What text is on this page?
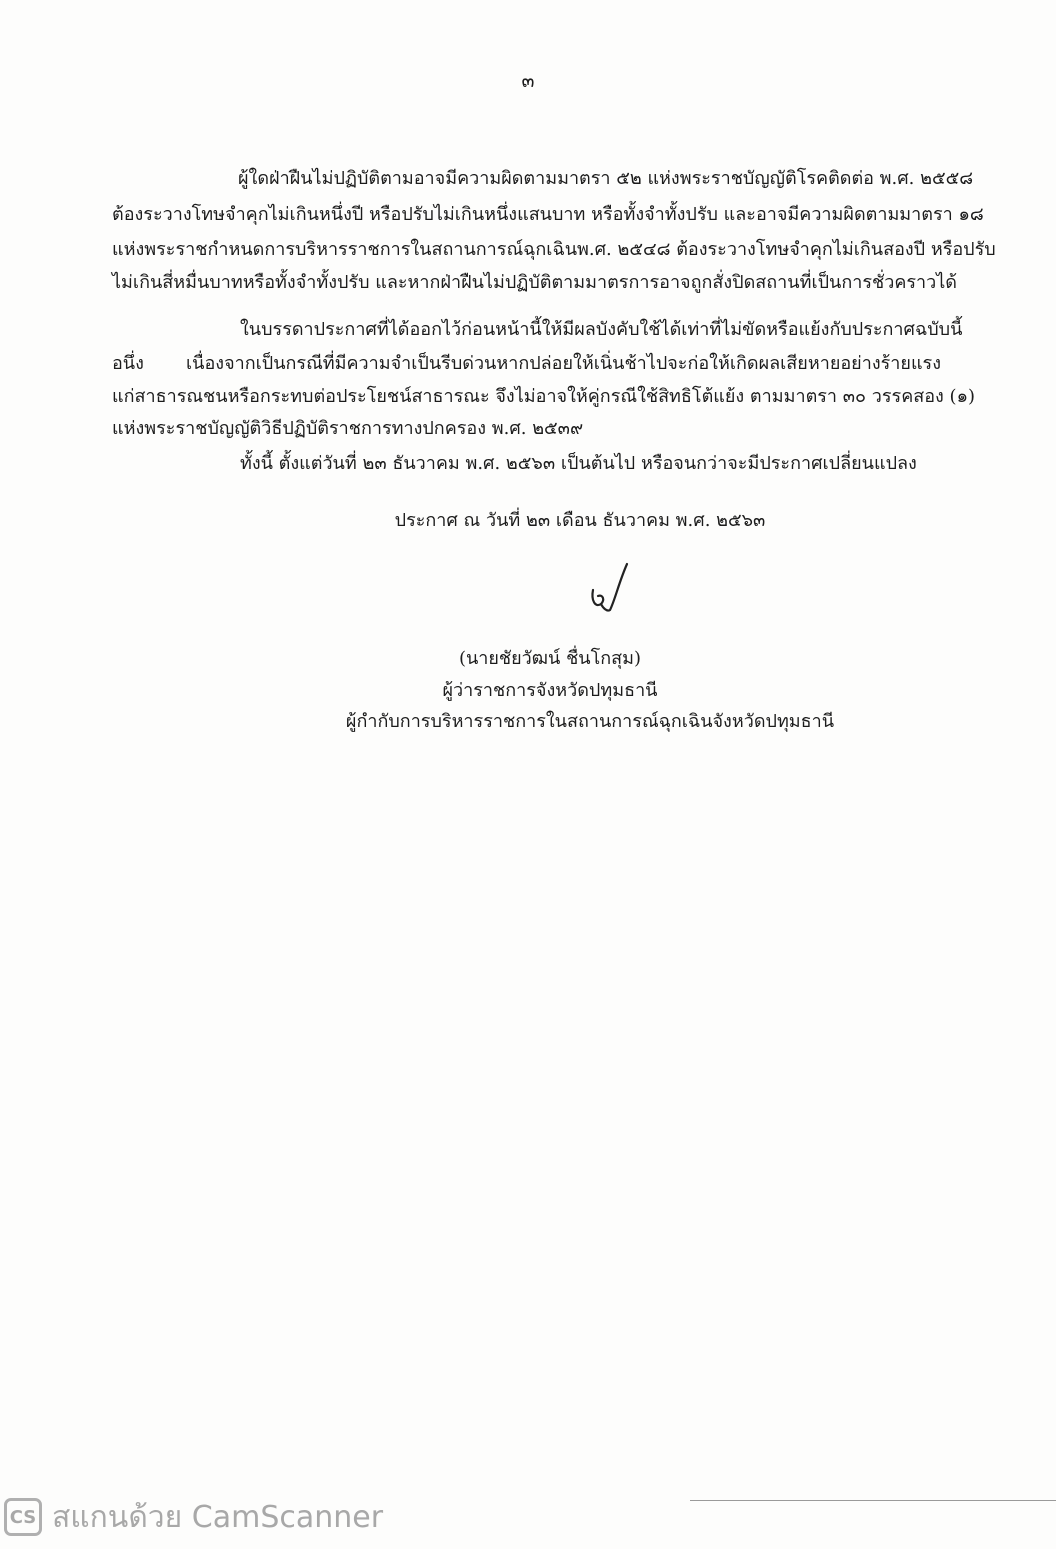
๓
ผู้ใดฝ่าฝืนไม่ปฏิบัติตามอาจมีความผิดตามมาตรา ๕๒ แห่งพระราชบัญญัติโรคติดต่อ พ.ศ. ๒๕๕๘
ต้องระวางโทษจำคุกไม่เกินหนึ่งปี หรือปรับไม่เกินหนึ่งแสนบาท หรือทั้งจำทั้งปรับ และอาจมีความผิดตามมาตรา ๑๘
แห่งพระราชกำหนดการบริหารราชการในสถานการณ์ฉุกเฉินพ.ศ. ๒๕๔๘ ต้องระวางโทษจำคุกไม่เกินสองปี หรือปรับ
ไม่เกินสี่หมื่นบาทหรือทั้งจำทั้งปรับ และหากฝ่าฝืนไม่ปฏิบัติตามมาตรการอาจถูกสั่งปิดสถานที่เป็นการชั่วคราวได้
ในบรรดาประกาศที่ได้ออกไว้ก่อนหน้านี้ให้มีผลบังคับใช้ได้เท่าที่ไม่ขัดหรือแย้งกับประกาศฉบับนี้
อนึ่ง เนื่องจากเป็นกรณีที่มีความจำเป็นรีบด่วนหากปล่อยให้เนิ่นช้าไปจะก่อให้เกิดผลเสียหายอย่างร้ายแรง
แก่สาธารณชนหรือกระทบต่อประโยชน์สาธารณะ จึงไม่อาจให้คู่กรณีใช้สิทธิโต้แย้ง ตามมาตรา ๓๐ วรรคสอง (๑)
แห่งพระราชบัญญัติวิธีปฏิบัติราชการทางปกครอง พ.ศ. ๒๕๓๙
ทั้งนี้ ตั้งแต่วันที่ ๒๓ ธันวาคม พ.ศ. ๒๕๖๓ เป็นต้นไป หรือจนกว่าจะมีประกาศเปลี่ยนแปลง
ประกาศ ณ วันที่ ๒๓ เดือน ธันวาคม พ.ศ. ๒๕๖๓
(นายชัยวัฒน์ ชื่นโกสุม)
ผู้ว่าราชการจังหวัดปทุมธานี
ผู้กำกับการบริหารราชการในสถานการณ์ฉุกเฉินจังหวัดปทุมธานี
CS สแกนด้วย CamScanner
